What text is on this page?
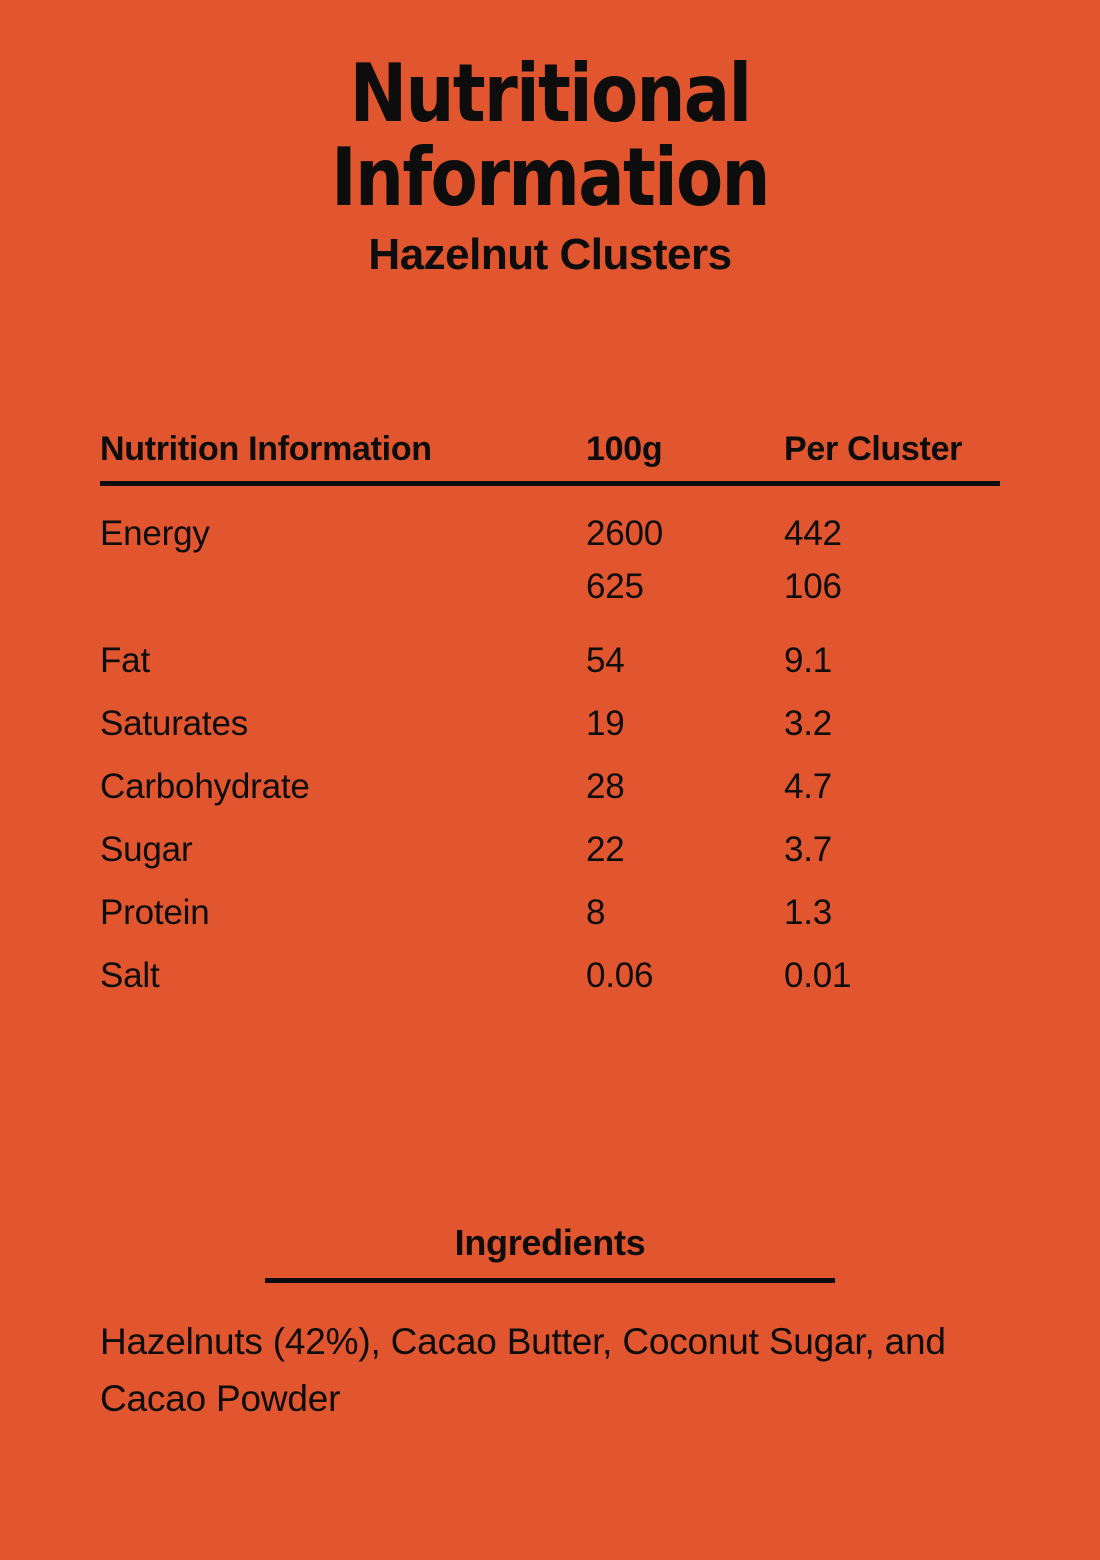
Nutritional Information
Hazelnut Clusters
Nutrition Information	100g	Per Cluster
Energy	2600	442
	625	106
Fat	54	9.1
Saturates	19	3.2
Carbohydrate	28	4.7
Sugar	22	3.7
Protein	8	1.3
Salt	0.06	0.01
Ingredients

Hazelnuts (42%), Cacao Butter, Coconut Sugar, and Cacao Powder
